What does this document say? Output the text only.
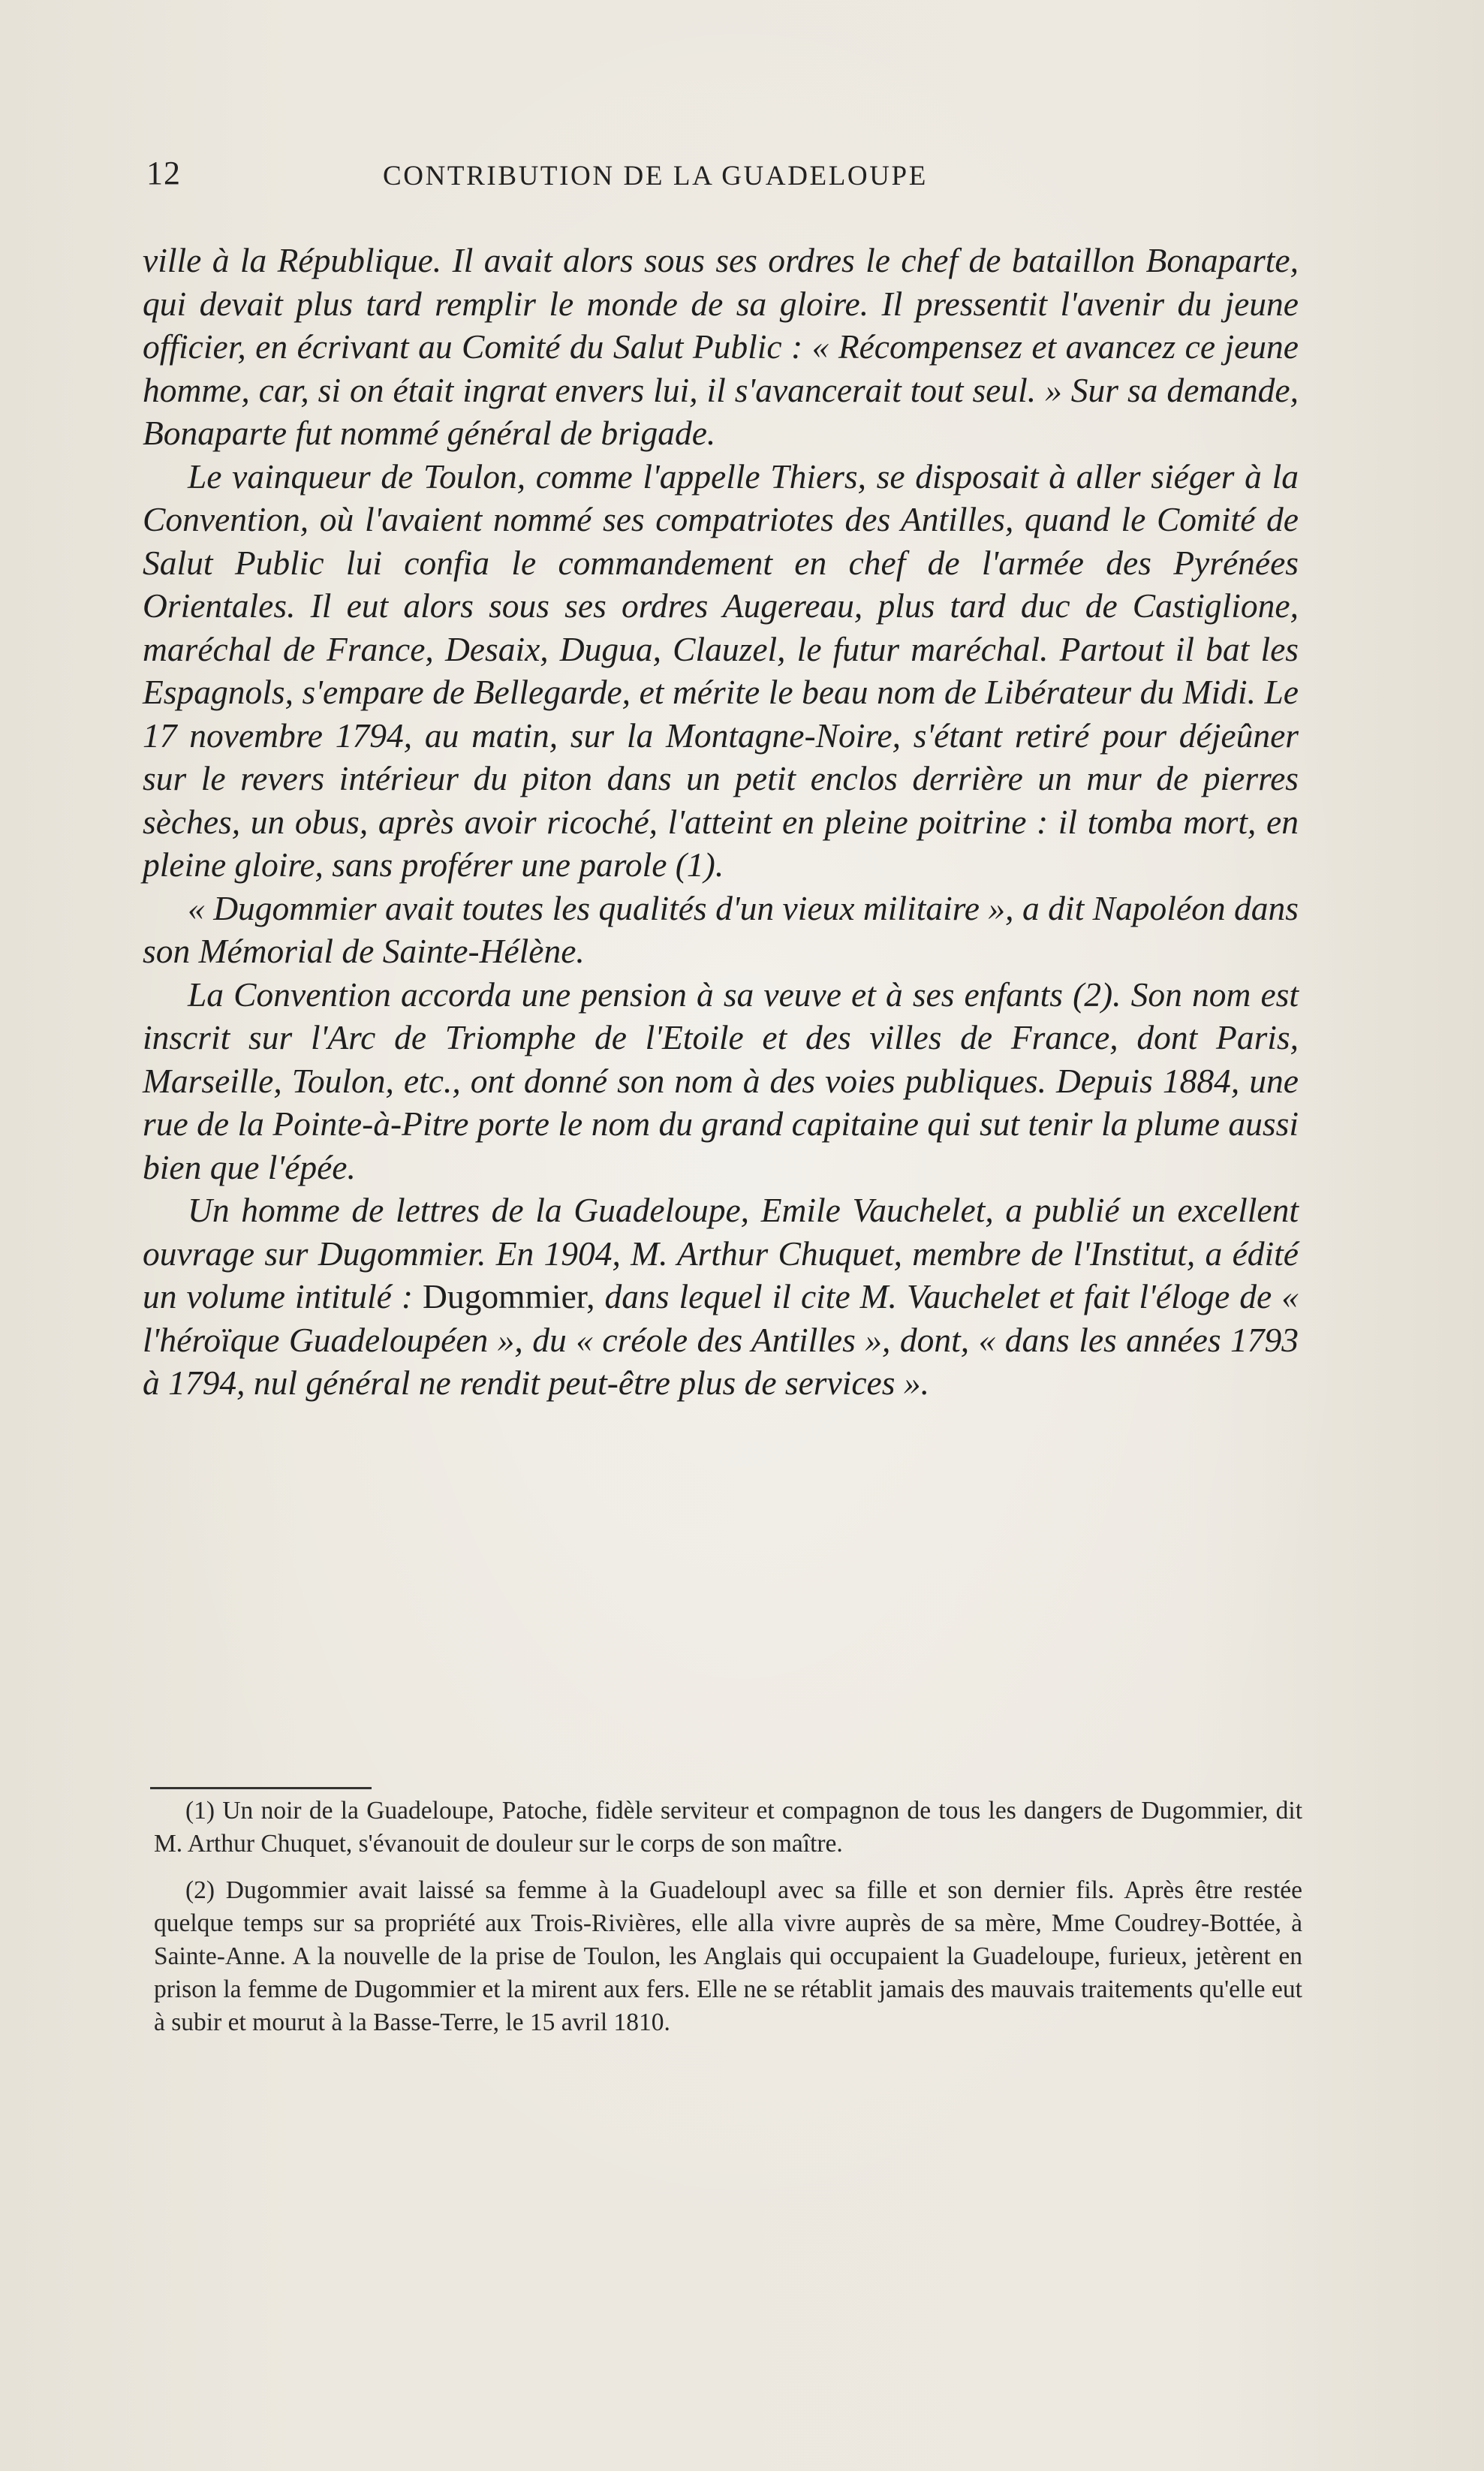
12	CONTRIBUTION DE LA GUADELOUPE

ville à la République. Il avait alors sous ses ordres le chef de bataillon Bonaparte, qui devait plus tard remplir le monde de sa gloire. Il pressentit l'avenir du jeune officier, en écrivant au Comité du Salut Public : « Récompensez et avancez ce jeune homme, car, si on était ingrat envers lui, il s'avancerait tout seul. » Sur sa demande, Bonaparte fut nommé général de brigade.

Le vainqueur de Toulon, comme l'appelle Thiers, se disposait à aller siéger à la Convention, où l'avaient nommé ses compatriotes des Antilles, quand le Comité de Salut Public lui confia le commandement en chef de l'armée des Pyrénées Orientales. Il eut alors sous ses ordres Augereau, plus tard duc de Castiglione, maréchal de France, Desaix, Dugua, Clauzel, le futur maréchal. Partout il bat les Espagnols, s'empare de Bellegarde, et mérite le beau nom de Libérateur du Midi. Le 17 novembre 1794, au matin, sur la Montagne-Noire, s'étant retiré pour déjeûner sur le revers intérieur du piton dans un petit enclos derrière un mur de pierres sèches, un obus, après avoir ricoché, l'atteint en pleine poitrine : il tomba mort, en pleine gloire, sans proférer une parole (1).

« Dugommier avait toutes les qualités d'un vieux militaire », a dit Napoléon dans son Mémorial de Sainte-Hélène.

La Convention accorda une pension à sa veuve et à ses enfants (2). Son nom est inscrit sur l'Arc de Triomphe de l'Etoile et des villes de France, dont Paris, Marseille, Toulon, etc., ont donné son nom à des voies publiques. Depuis 1884, une rue de la Pointe-à-Pitre porte le nom du grand capitaine qui sut tenir la plume aussi bien que l'épée.

Un homme de lettres de la Guadeloupe, Emile Vauchelet, a publié un excellent ouvrage sur Dugommier. En 1904, M. Arthur Chuquet, membre de l'Institut, a édité un volume intitulé : Dugommier, dans lequel il cite M. Vauchelet et fait l'éloge de « l'héroïque Guadeloupéen », du « créole des Antilles », dont, « dans les années 1793 à 1794, nul général ne rendit peut-être plus de services ».

(1) Un noir de la Guadeloupe, Patoche, fidèle serviteur et compagnon de tous les dangers de Dugommier, dit M. Arthur Chuquet, s'évanouit de douleur sur le corps de son maître.

(2) Dugommier avait laissé sa femme à la Guadeloupl avec sa fille et son dernier fils. Après être restée quelque temps sur sa propriété aux Trois-Rivières, elle alla vivre auprès de sa mère, Mme Coudrey-Bottée, à Sainte-Anne. A la nouvelle de la prise de Toulon, les Anglais qui occupaient la Guadeloupe, furieux, jetèrent en prison la femme de Dugommier et la mirent aux fers. Elle ne se rétablit jamais des mauvais traitements qu'elle eut à subir et mourut à la Basse-Terre, le 15 avril 1810.
